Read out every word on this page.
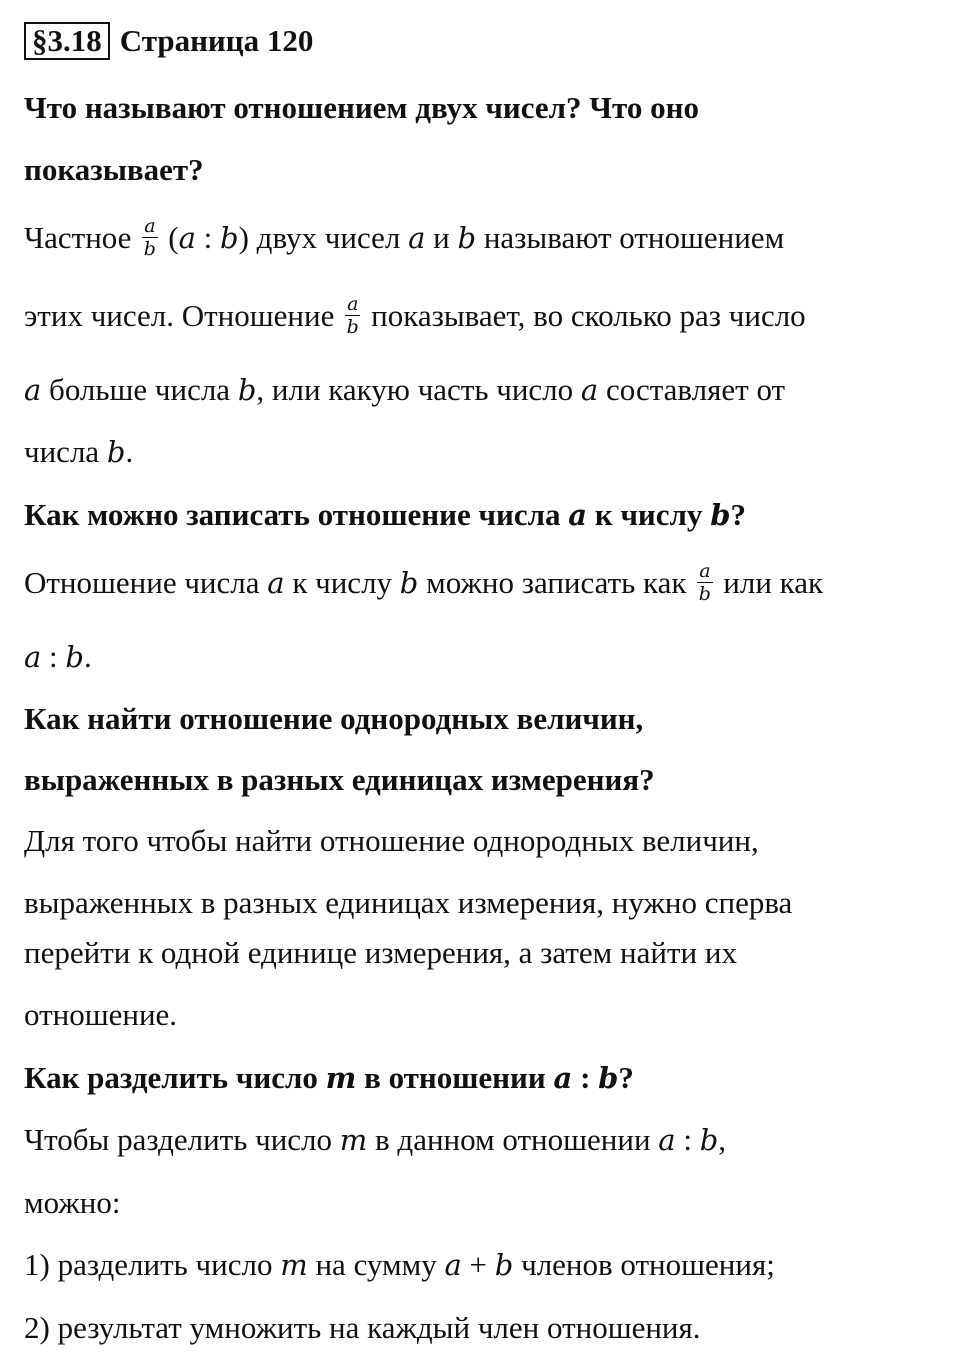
§3.18 Страница 120
Что называют отношением двух чисел? Что оно
показывает?
Частное $\frac{a}{b} (a$ : b) двух чисел a и b называют отношением
этих чисел. Отношение $\frac{a}{b}$ показывает, во сколько раз число
a больше числа b, или какую часть число a составляет от
числа b.
Как можно записать отношение числа a к числу b?
Отношение числа a к числу b можно записать как $\frac{a}{b}$ или как
a : b.
Как найти отношение однородных величин,
выраженных в разных единицах измерения?
Для того чтобы найти отношение однородных величин,
выраженных в разных единицах измерения, нужно сперва
перейти к одной единице измерения, а затем найти их
отношение.
Как разделить число m в отношении a : b?
Чтобы разделить число m в данном отношении a : b,
можно:
1) разделить число m на сумму a + b членов отношения;
2) результат умножить на каждый член отношения.
